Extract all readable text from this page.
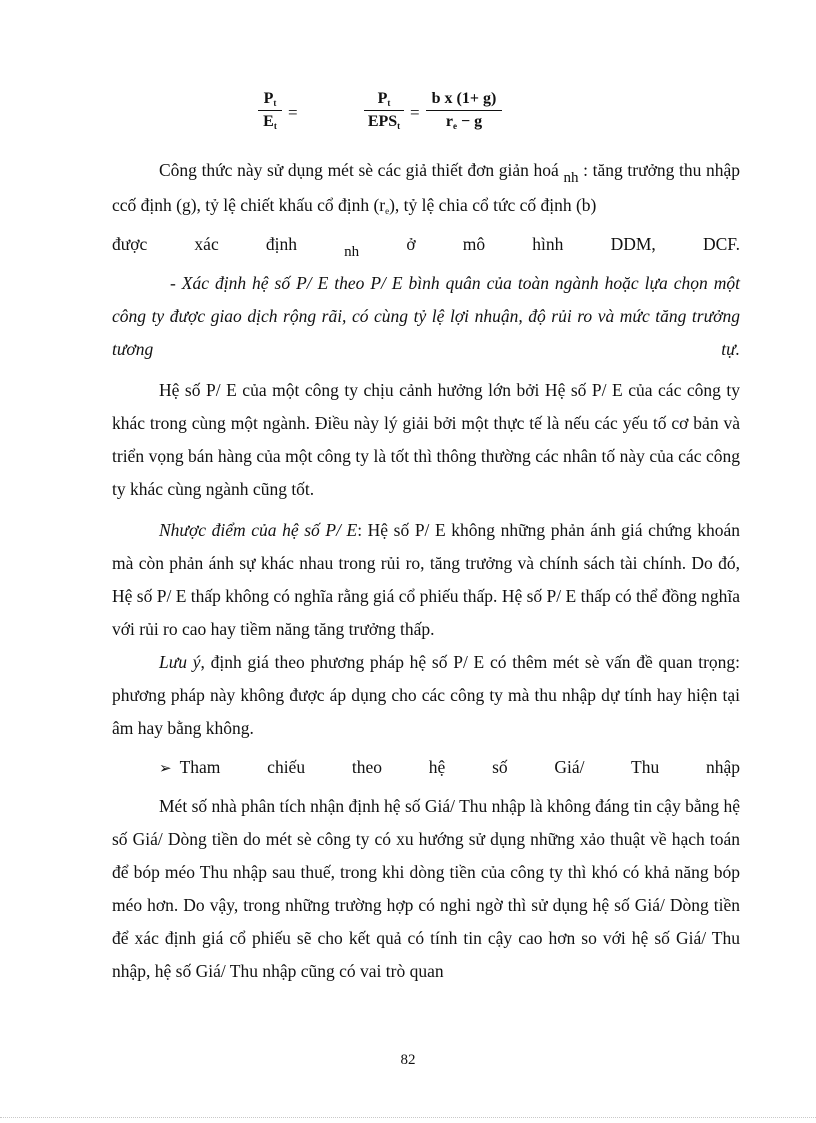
$\frac{P_t}{E_t}$ =
$P_t$
$EPS_t$
= $\frac{\text{b x (1+ g)}}{r_e - g}$

Công thức này sử dụng mét sè các giả thiết đơn giản hoá nh : tăng trưởng thu nhập ccố định (g), tỷ lệ chiết khấu cổ định $(r_e)$, tỷ lệ chia cổ tức cố định (b)

được xác định nh ở mô hình DDM, DCF.

- Xác định hệ số P/ E theo P/ E bình quân của toàn ngành hoặc lựa chọn một công ty được giao dịch rộng rãi, có cùng tỷ lệ lợi nhuận, độ rủi ro và mức tăng trưởng tương tự.

Hệ số P/ E của một công ty chịu cảnh hưởng lớn bởi Hệ số P/ E của các công ty khác trong cùng một ngành. Điều này lý giải bởi một thực tế là nếu các yếu tố cơ bản và triển vọng bán hàng của một công ty là tốt thì thông thường các nhân tố này của các công ty khác cùng ngành cũng tốt.

Nhược điểm của hệ số P/ E: Hệ số P/ E không những phản ánh giá chứng khoán mà còn phản ánh sự khác nhau trong rủi ro, tăng trưởng và chính sách tài chính. Do đó, Hệ số P/ E thấp không có nghĩa rằng giá cổ phiếu thấp. Hệ số P/ E thấp có thể đồng nghĩa với rủi ro cao hay tiềm năng tăng trưởng thấp.

Lưu ý, định giá theo phương pháp hệ số P/ E có thêm mét sè vấn đề quan trọng: phương pháp này không được áp dụng cho các công ty mà thu nhập dự tính hay hiện tại âm hay bằng không.

➢ Tham chiếu theo hệ số Giá/ Thu nhập

Mét số nhà phân tích nhận định hệ số Giá/ Thu nhập là không đáng tin cậy bằng hệ số Giá/ Dòng tiền do mét sè công ty có xu hướng sử dụng những xảo thuật về hạch toán để bóp méo Thu nhập sau thuế, trong khi dòng tiền của công ty thì khó có khả năng bóp méo hơn. Do vậy, trong những trường hợp có nghi ngờ thì sử dụng hệ số Giá/ Dòng tiền để xác định giá cổ phiếu sẽ cho kết quả có tính tin cậy cao hơn so với hệ số Giá/ Thu nhập, hệ số Giá/ Thu nhập cũng có vai trò quan

82
